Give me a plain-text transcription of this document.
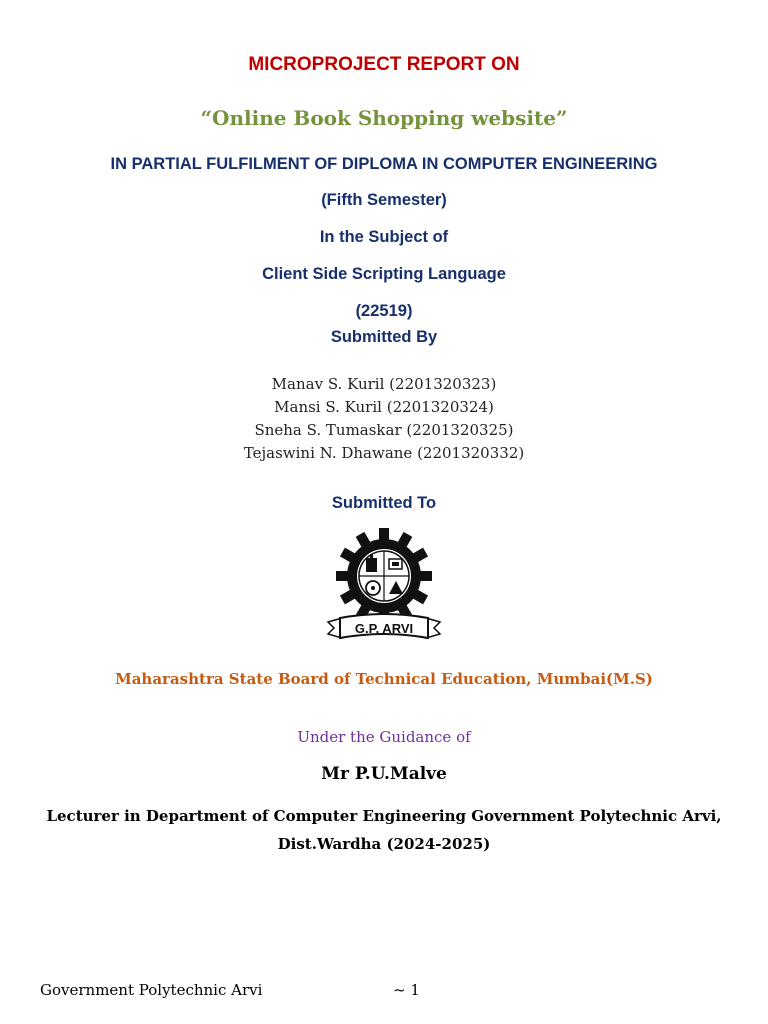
MICROPROJECT REPORT ON
“Online Book Shopping website”
IN PARTIAL FULFILMENT OF DIPLOMA IN COMPUTER ENGINEERING
(Fifth Semester)
In the Subject of
Client Side Scripting Language
(22519)
Submitted By
Manav S. Kuril (2201320323)
Mansi S. Kuril (2201320324)
Sneha S. Tumaskar (2201320325)
Tejaswini N. Dhawane (2201320332)
Submitted To
G.P. ARVI
Maharashtra State Board of Technical Education, Mumbai(M.S)
Under the Guidance of
Mr P.U.Malve
Lecturer in Department of Computer Engineering Government Polytechnic Arvi,
Dist.Wardha (2024-2025)
Government Polytechnic Arvi	~ 1
